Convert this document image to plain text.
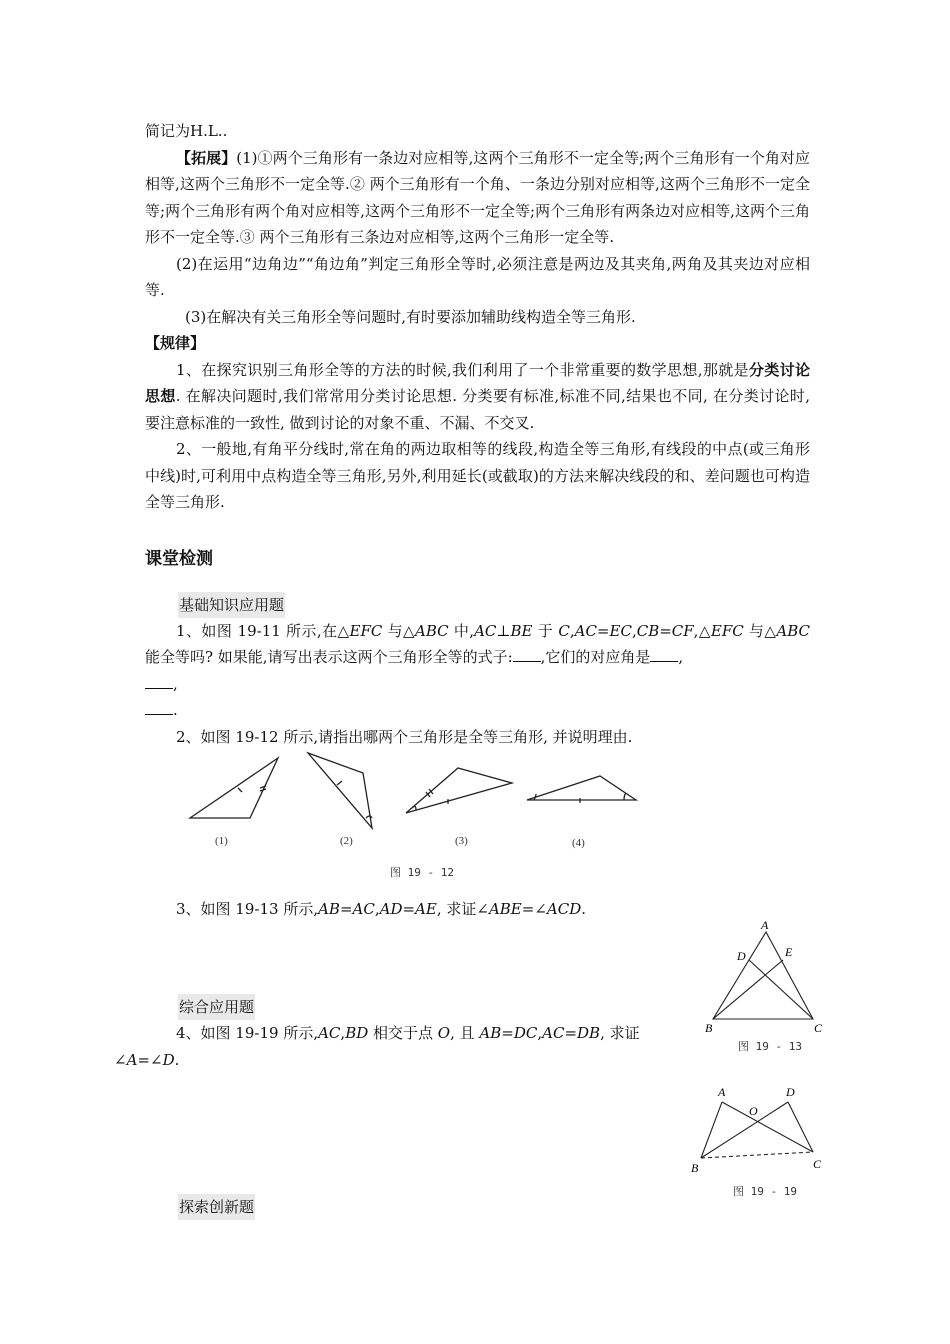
简记为H.L..

【拓展】(1)①两个三角形有一条边对应相等,这两个三角形不一定全等;两个三角形有一个角对应相等,这两个三角形不一定全等.② 两个三角形有一个角、一条边分别对应相等,这两个三角形不一定全等;两个三角形有两个角对应相等,这两个三角形不一定全等;两个三角形有两条边对应相等,这两个三角形不一定全等.③ 两个三角形有三条边对应相等,这两个三角形一定全等.

(2)在运用“边角边”“角边角”判定三角形全等时,必须注意是两边及其夹角,两角及其夹边对应相等.

(3)在解决有关三角形全等问题时,有时要添加辅助线构造全等三角形.

【规律】

1、在探究识别三角形全等的方法的时候,我们利用了一个非常重要的数学思想,那就是分类讨论思想. 在解决问题时,我们常常用分类讨论思想. 分类要有标准,标准不同,结果也不同, 在分类讨论时, 要注意标准的一致性, 做到讨论的对象不重、不漏、不交叉.

2、一般地,有角平分线时,常在角的两边取相等的线段,构造全等三角形,有线段的中点(或三角形中线)时,可利用中点构造全等三角形,另外,利用延长(或截取)的方法来解决线段的和、差问题也可构造全等三角形.

课堂检测
基础知识应用题

1、如图 19-11 所示,在△EFC 与△ABC 中,AC⊥BE 于 C,AC=EC,CB=CF,△EFC 与△ABC 能全等吗? 如果能,请写出表示这两个三角形全等的式子: ,它们的对应角是 ,
,
.

2、如图 19-12 所示,请指出哪两个三角形是全等三角形, 并说明理由.

(1)	(2)	(3)	(4)
图 19 - 12

3、如图 19-13 所示,AB=AC,AD=AE, 求证∠ABE=∠ACD.

A
D	E
B	C
图 19 - 13
综合应用题

4、如图 19-19 所示,AC,BD 相交于点 O, 且 AB=DC,AC=DB, 求证
∠A=∠D.

A	D
O
B	C
图 19 - 19
探索创新题
